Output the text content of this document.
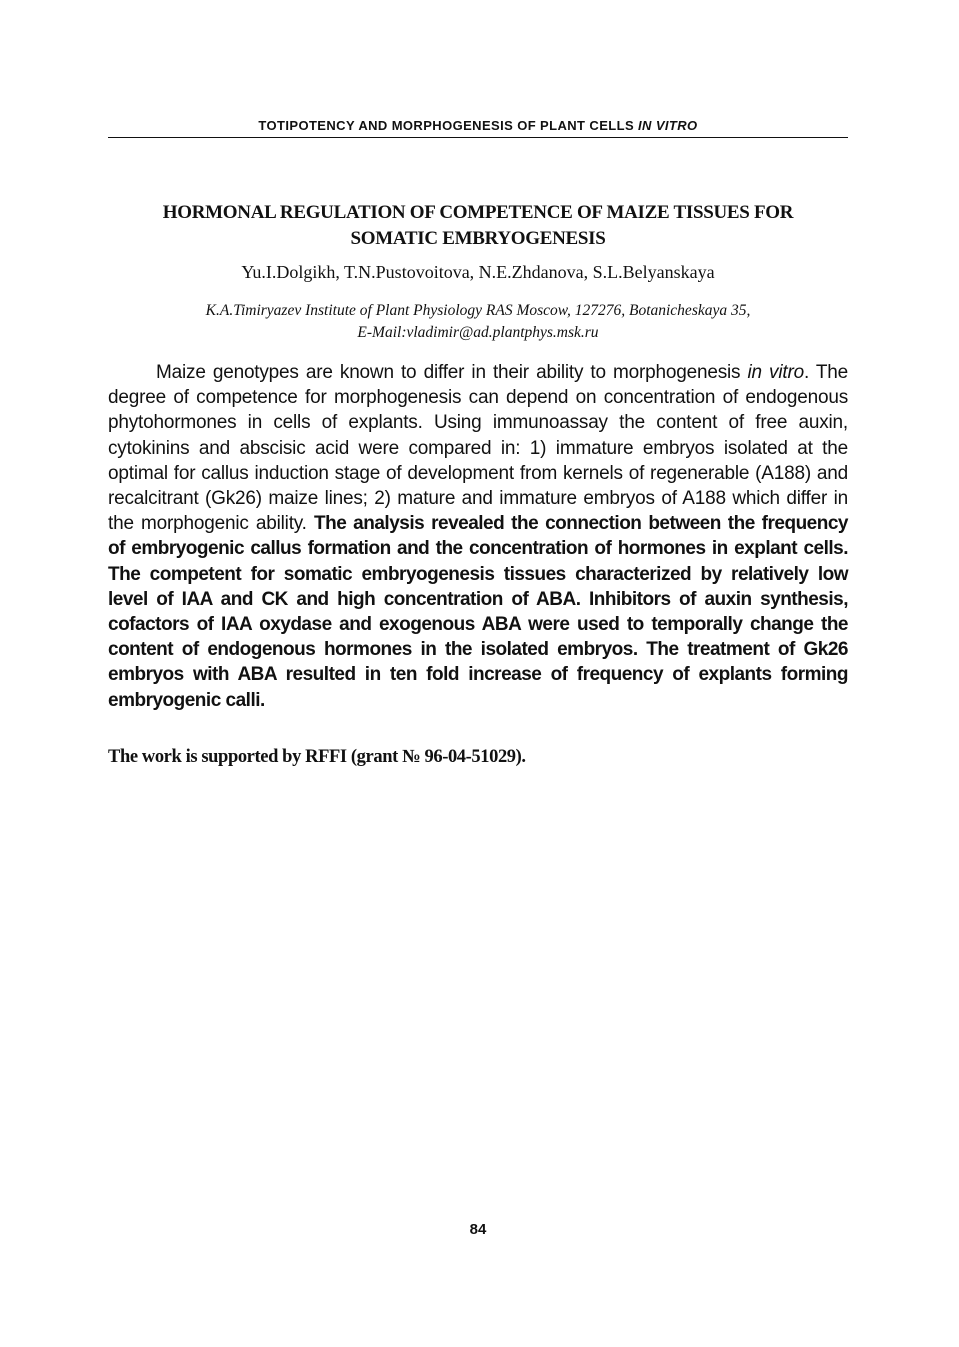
TOTIPOTENCY AND MORPHOGENESIS OF PLANT CELLS IN VITRO
HORMONAL REGULATION OF COMPETENCE OF MAIZE TISSUES FOR
SOMATIC EMBRYOGENESIS
Yu.I.Dolgikh, T.N.Pustovoitova, N.E.Zhdanova, S.L.Belyanskaya
K.A.Timiryazev Institute of Plant Physiology RAS Moscow, 127276, Botanicheskaya 35,
E-Mail:vladimir@ad.plantphys.msk.ru
Maize genotypes are known to differ in their ability to morphogenesis in vitro. The degree of competence for morphogenesis can depend on concentration of endogenous phytohormones in cells of explants. Using immunoassay the content of free auxin, cytokinins and abscisic acid were compared in: 1) immature embryos isolated at the optimal for callus induction stage of development from kernels of regenerable (A188) and recalcitrant (Gk26) maize lines; 2) mature and immature embryos of A188 which differ in the morphogenic ability. The analysis revealed the connection between the frequency of embryogenic callus formation and the concentration of hormones in explant cells. The competent for somatic embryogenesis tissues characterized by relatively low level of IAA and CK and high concentration of ABA. Inhibitors of auxin synthesis, cofactors of IAA oxydase and exogenous ABA were used to temporally change the content of endogenous hormones in the isolated embryos. The treatment of Gk26 embryos with ABA resulted in ten fold increase of frequency of explants forming embryogenic calli.
The work is supported by RFFI (grant № 96-04-51029).
84
